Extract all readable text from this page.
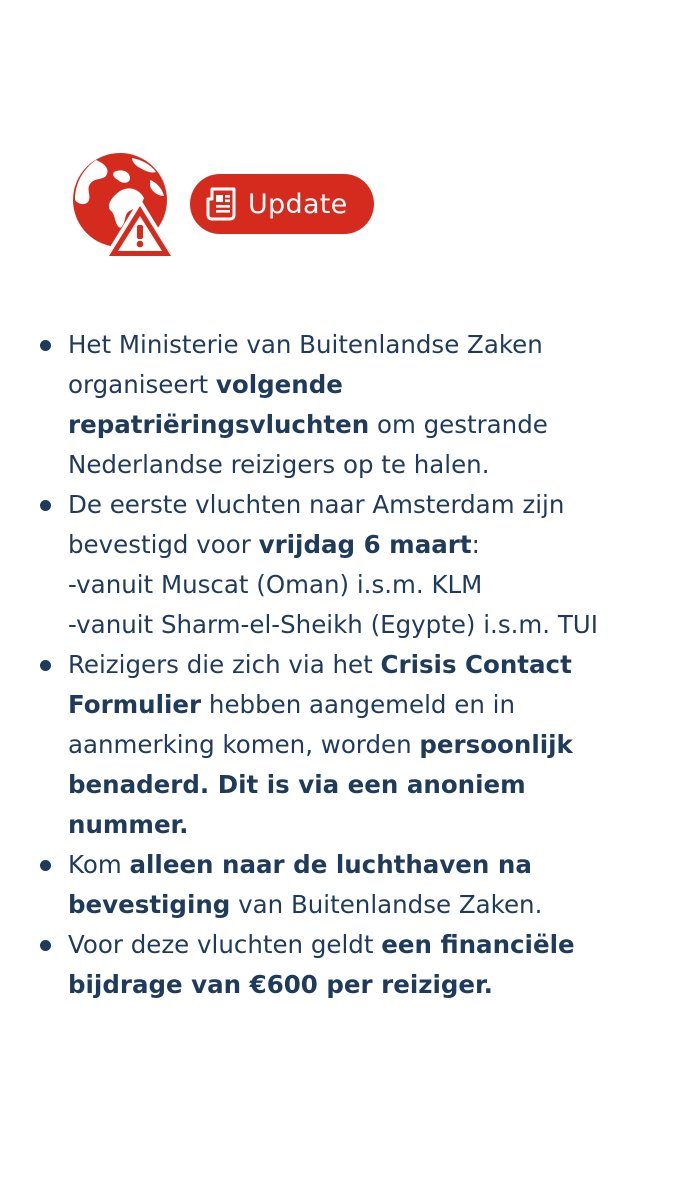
Update
Het Ministerie van Buitenlandse Zaken
organiseert volgende
repatriëringsvluchten om gestrande
Nederlandse reizigers op te halen.
De eerste vluchten naar Amsterdam zijn
bevestigd voor vrijdag 6 maart:
-vanuit Muscat (Oman) i.s.m. KLM
-vanuit Sharm-el-Sheikh (Egypte) i.s.m. TUI
Reizigers die zich via het Crisis Contact
Formulier hebben aangemeld en in
aanmerking komen, worden persoonlijk
benaderd. Dit is via een anoniem
nummer.
Kom alleen naar de luchthaven na
bevestiging van Buitenlandse Zaken.
Voor deze vluchten geldt een financiële
bijdrage van €600 per reiziger.
